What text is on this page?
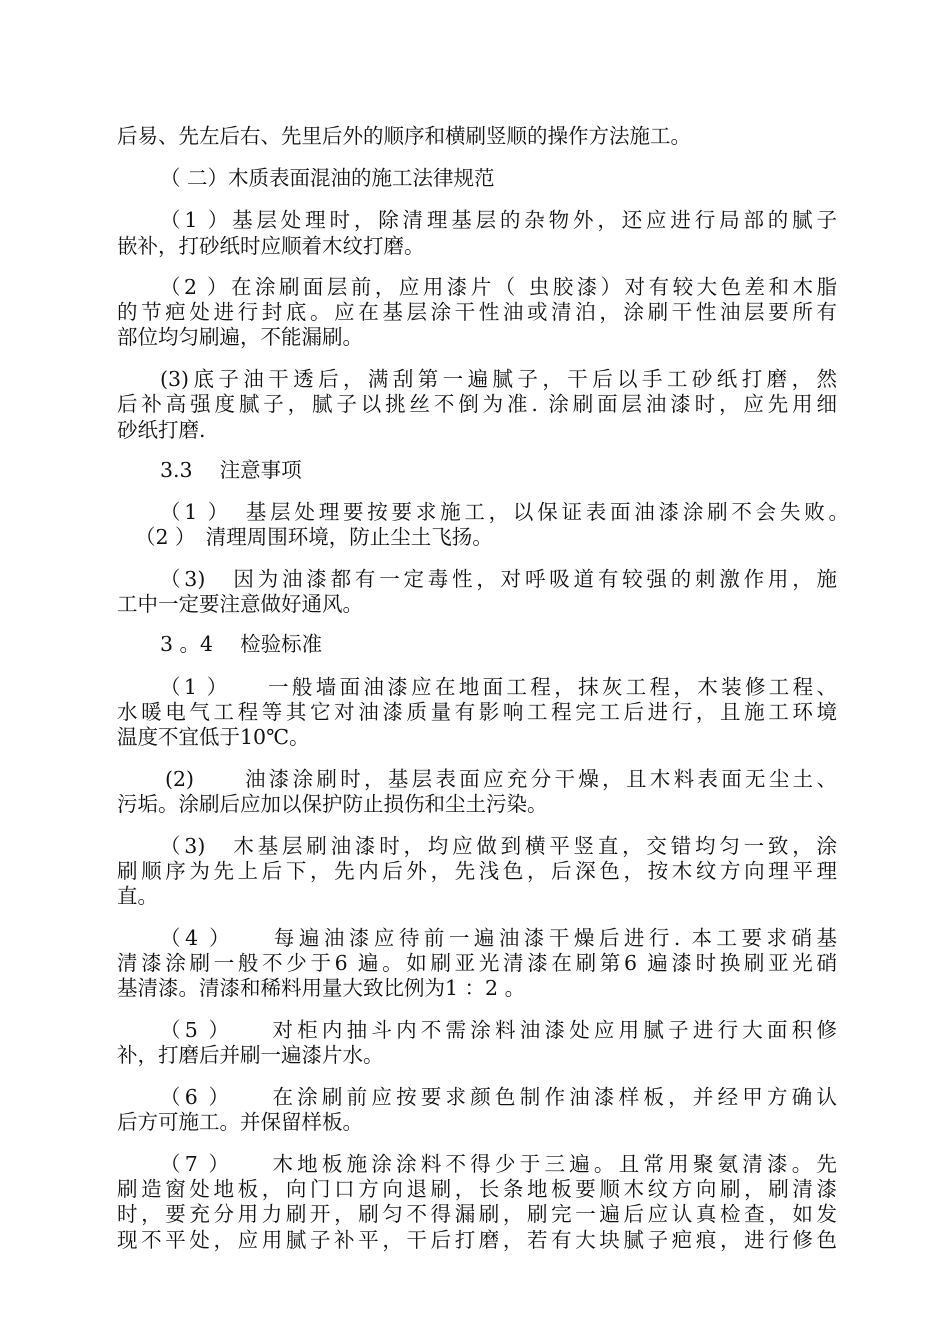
后易、先左后右、先里后外的顺序和横刷竖顺的操作方法施工。
（ 二）木质表面混油的施工法律规范
（1 ）基层处理时，除清理基层的杂物外，还应进行局部的腻子
嵌补，打砂纸时应顺着木纹打磨。
（2 ）在涂刷面层前，应用漆片（ 虫胶漆）对有较大色差和木脂
的节疤处进行封底。应在基层涂干性油或清泊，涂刷干性油层要所有
部位均匀刷遍，不能漏刷。
(3)底子油干透后，满刮第一遍腻子，干后以手工砂纸打磨，然
后补高强度腻子，腻子以挑丝不倒为准. 涂刷面层油漆时，应先用细
砂纸打磨.
3.3　 注意事项
（1 ）　基层处理要按要求施工，以保证表面油漆涂刷不会失败。
（2 ）　清理周围环境，防止尘土飞扬。
（3)　因为油漆都有一定毒性，对呼吸道有较强的刺激作用，施
工中一定要注意做好通风。
3 。4　 检验标准
（1 ）　　一般墙面油漆应在地面工程，抹灰工程，木装修工程、
水暖电气工程等其它对油漆质量有影响工程完工后进行，且施工环境
温度不宜低于10℃。
(2)　　油漆涂刷时，基层表面应充分干燥，且木料表面无尘土、
污垢。涂刷后应加以保护防止损伤和尘土污染。
（3)　木基层刷油漆时，均应做到横平竖直，交错均匀一致，涂
刷顺序为先上后下，先内后外，先浅色，后深色，按木纹方向理平理
直。
（4 ）　　每遍油漆应待前一遍油漆干燥后进行. 本工要求硝基
清漆涂刷一般不少于6 遍。如刷亚光清漆在刷第6 遍漆时换刷亚光硝
基清漆。清漆和稀料用量大致比例为1 ：2 。
（5 ）　　对柜内抽斗内不需涂料油漆处应用腻子进行大面积修
补，打磨后并刷一遍漆片水。
（6 ）　　在涂刷前应按要求颜色制作油漆样板，并经甲方确认
后方可施工。并保留样板。
（7 ）　　木地板施涂涂料不得少于三遍。且常用聚氨清漆。先
刷造窗处地板，向门口方向退刷，长条地板要顺木纹方向刷，刷清漆
时，要充分用力刷开，刷匀不得漏刷，刷完一遍后应认真检查，如发
现不平处，应用腻子补平，干后打磨，若有大块腻子疤痕，进行修色
